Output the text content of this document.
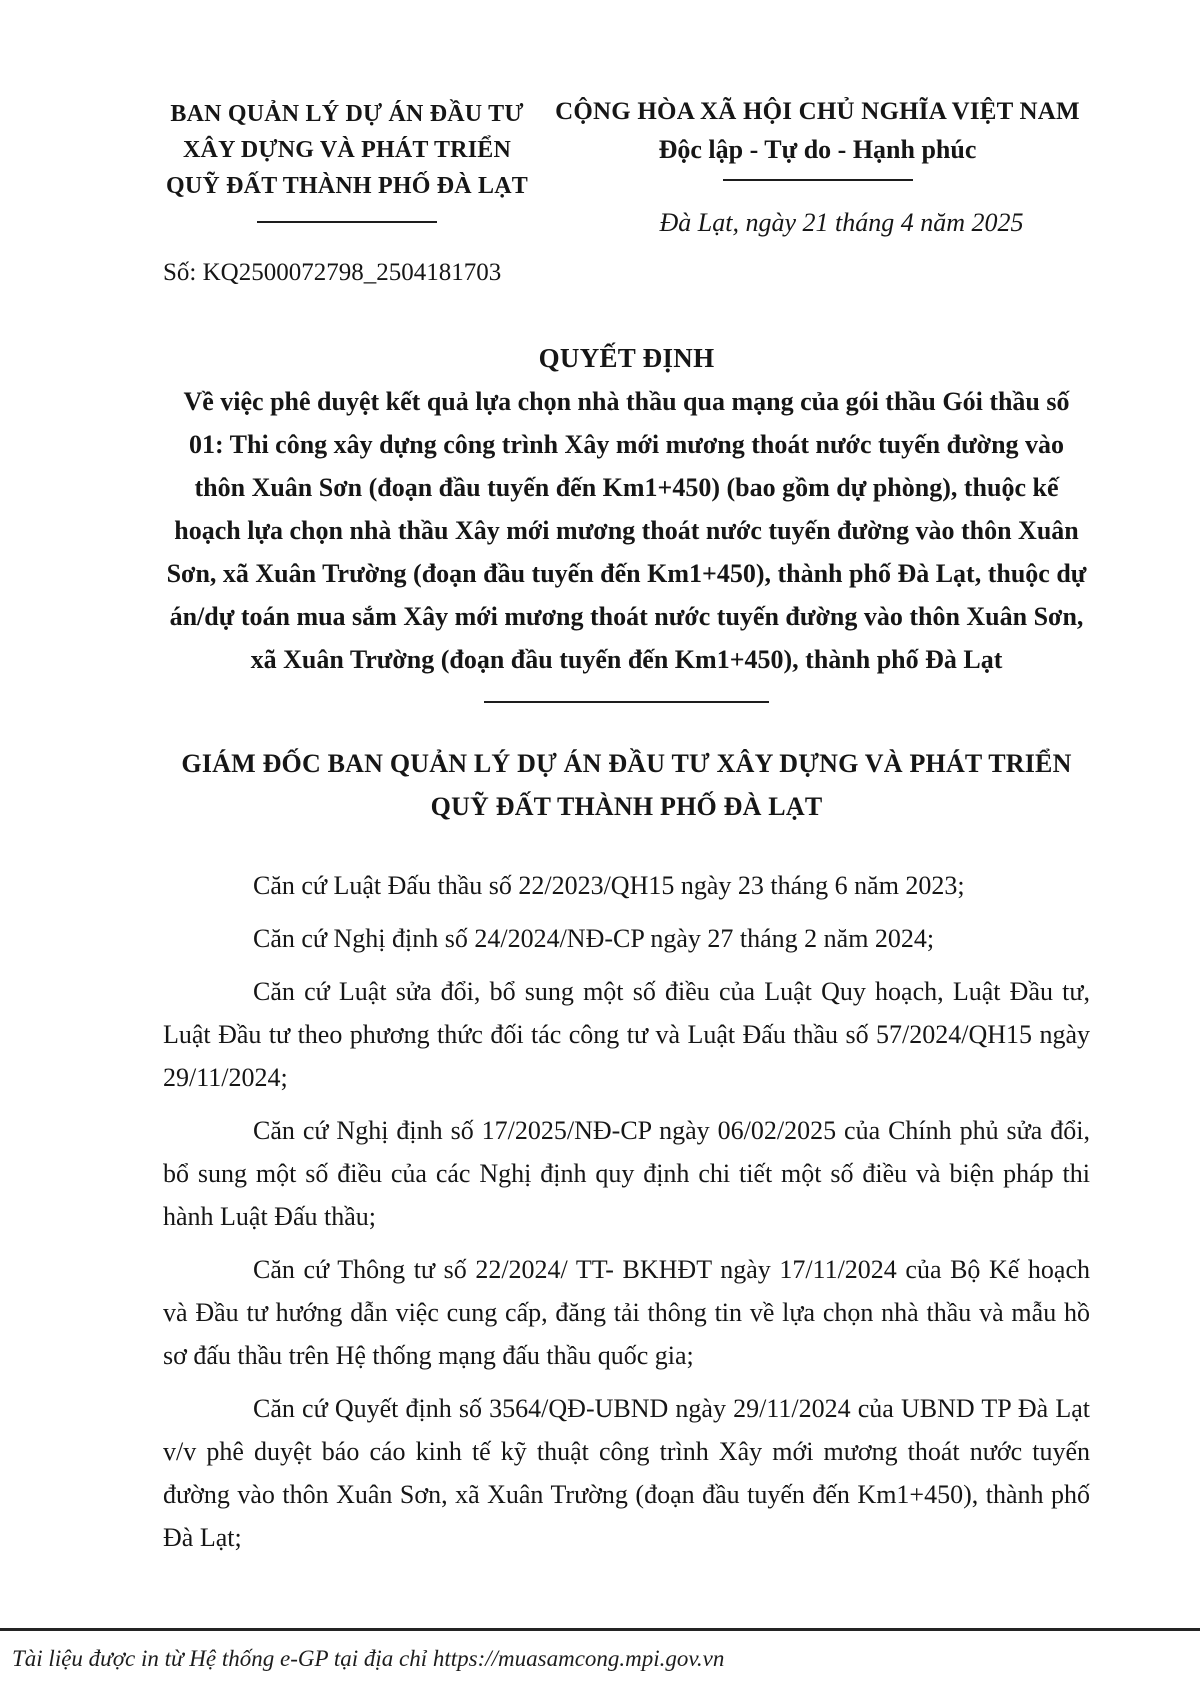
BAN QUẢN LÝ DỰ ÁN ĐẦU TƯ XÂY DỰNG VÀ PHÁT TRIỂN QUỸ ĐẤT THÀNH PHỐ ĐÀ LẠT
CỘNG HÒA XÃ HỘI CHỦ NGHĨA VIỆT NAM
Độc lập - Tự do - Hạnh phúc
Đà Lạt, ngày 21 tháng 4 năm 2025
Số: KQ2500072798_2504181703
QUYẾT ĐỊNH
Về việc phê duyệt kết quả lựa chọn nhà thầu qua mạng của gói thầu Gói thầu số 01: Thi công xây dựng công trình Xây mới mương thoát nước tuyến đường vào thôn Xuân Sơn (đoạn đầu tuyến đến Km1+450) (bao gồm dự phòng), thuộc kế hoạch lựa chọn nhà thầu Xây mới mương thoát nước tuyến đường vào thôn Xuân Sơn, xã Xuân Trường (đoạn đầu tuyến đến Km1+450), thành phố Đà Lạt, thuộc dự án/dự toán mua sắm Xây mới mương thoát nước tuyến đường vào thôn Xuân Sơn, xã Xuân Trường (đoạn đầu tuyến đến Km1+450), thành phố Đà Lạt
GIÁM ĐỐC BAN QUẢN LÝ DỰ ÁN ĐẦU TƯ XÂY DỰNG VÀ PHÁT TRIỂN QUỸ ĐẤT THÀNH PHỐ ĐÀ LẠT

Căn cứ Luật Đấu thầu số 22/2023/QH15 ngày 23 tháng 6 năm 2023;

Căn cứ Nghị định số 24/2024/NĐ-CP ngày 27 tháng 2 năm 2024;

Căn cứ Luật sửa đổi, bổ sung một số điều của Luật Quy hoạch, Luật Đầu tư, Luật Đầu tư theo phương thức đối tác công tư và Luật Đấu thầu số 57/2024/QH15 ngày 29/11/2024;

Căn cứ Nghị định số 17/2025/NĐ-CP ngày 06/02/2025 của Chính phủ sửa đổi, bổ sung một số điều của các Nghị định quy định chi tiết một số điều và biện pháp thi hành Luật Đấu thầu;

Căn cứ Thông tư số 22/2024/ TT- BKHĐT ngày 17/11/2024 của Bộ Kế hoạch và Đầu tư hướng dẫn việc cung cấp, đăng tải thông tin về lựa chọn nhà thầu và mẫu hồ sơ đấu thầu trên Hệ thống mạng đấu thầu quốc gia;

Căn cứ Quyết định số 3564/QĐ-UBND ngày 29/11/2024 của UBND TP Đà Lạt v/v phê duyệt báo cáo kinh tế kỹ thuật công trình Xây mới mương thoát nước tuyến đường vào thôn Xuân Sơn, xã Xuân Trường (đoạn đầu tuyến đến Km1+450), thành phố Đà Lạt;

Tài liệu được in từ Hệ thống e-GP tại địa chỉ https://muasamcong.mpi.gov.vn
